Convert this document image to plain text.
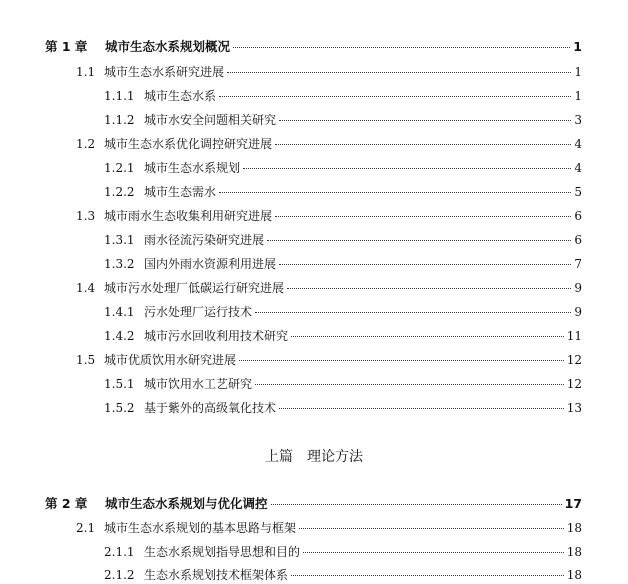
第 1 章	城市生态水系规划概况	1
1.1 城市生态水系研究进展	1
1.1.1 城市生态水系	1
1.1.2 城市水安全问题相关研究	3
1.2 城市生态水系优化调控研究进展	4
1.2.1 城市生态水系规划	4
1.2.2 城市生态需水	5
1.3 城市雨水生态收集利用研究进展	6
1.3.1 雨水径流污染研究进展	6
1.3.2 国内外雨水资源利用进展	7
1.4 城市污水处理厂低碳运行研究进展	9
1.4.1 污水处理厂运行技术	9
1.4.2 城市污水回收利用技术研究	11
1.5 城市优质饮用水研究进展	12
1.5.1 城市饮用水工艺研究	12
1.5.2 基于紫外的高级氧化技术	13
上篇 理论方法
第 2 章	城市生态水系规划与优化调控	17
2.1 城市生态水系规划的基本思路与框架	18
2.1.1 生态水系规划指导思想和目的	18
2.1.2 生态水系规划技术框架体系	18
